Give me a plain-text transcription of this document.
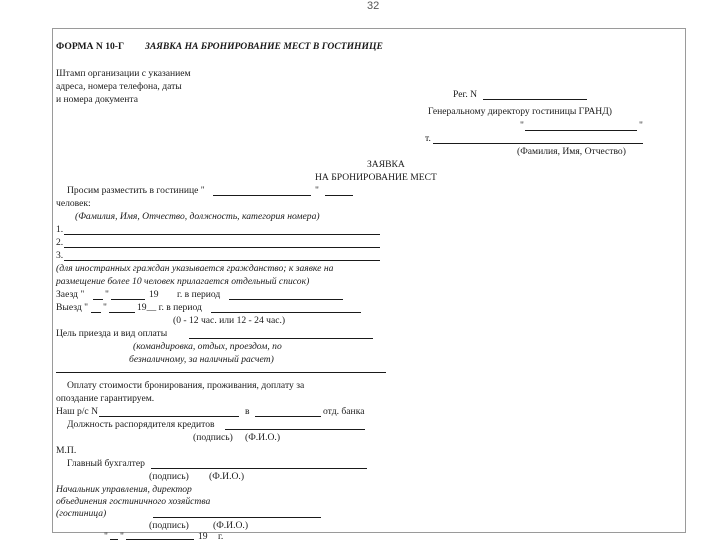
32
ФОРМА N 10-Г ЗАЯВКА НА БРОНИРОВАНИЕ МЕСТ В ГОСТИНИЦЕ
Штамп организации с указанием
адреса, номера телефона, даты
и номера документа	Рег. N
Генеральному директору гостиницы ГРАНД)
"	"
т.
(Фамилия, Имя, Отчество)
ЗАЯВКА
НА БРОНИРОВАНИЕ МЕСТ
Просим разместить в гостинице "	"
человек:
(Фамилия, Имя, Отчество, должность, категория номера)
1.
2.
3.
(для иностранных граждан указывается гражданство; к заявке на
размещение более 10 человек прилагается отдельный список)
Заезд " "	19 г. в период
Выезд " "	19__ г. в период
(0 - 12 час. или 12 - 24 час.)
Цель приезда и вид оплаты
(командировка, отдых, проездом, по
безналичному, за наличный расчет)
Оплату стоимости бронирования, проживания, доплату за
опоздание гарантируем.
Наш р/с N	в	отд. банка
Должность распорядителя кредитов
(подпись) (Ф.И.О.)
М.П.
Главный бухгалтер
(подпись) (Ф.И.О.)
Начальник управления, директор
объединения гостиничного хозяйства
(гостиница)
(подпись)	(Ф.И.О.)
" "	19 г.
